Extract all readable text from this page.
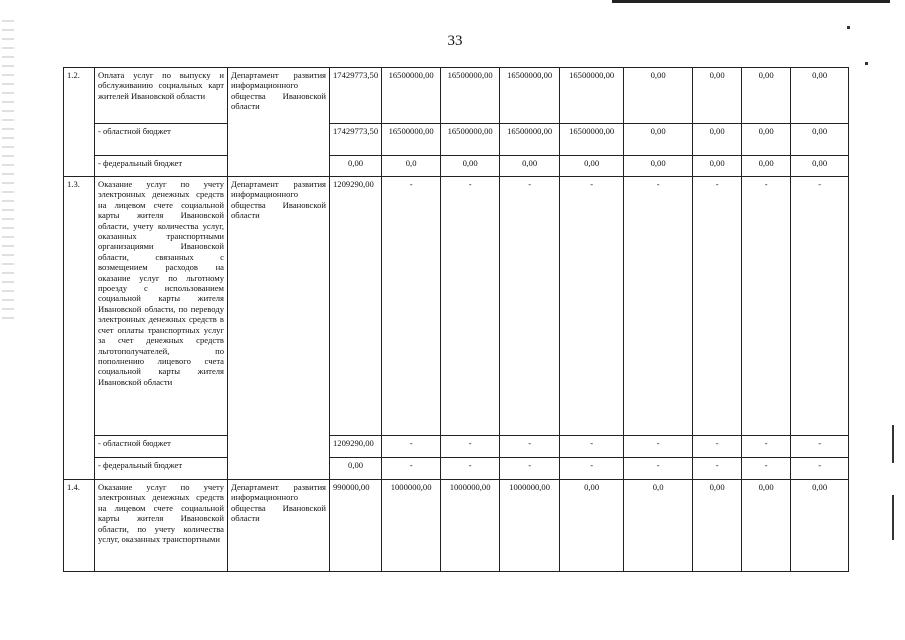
33
1.2.	Оплата услуг по выпуску и обслуживанию социальных карт жителей Ивановской области	Департамент развития информационного общества Ивановской области	17429773,50	16500000,00	16500000,00	16500000,00	16500000,00	0,00	0,00	0,00	0,00
	- областной бюджет		17429773,50	16500000,00	16500000,00	16500000,00	16500000,00	0,00	0,00	0,00	0,00
	- федеральный бюджет		0,00	0,0	0,00	0,00	0,00	0,00	0,00	0,00	0,00
1.3.	Оказание услуг по учету электронных денежных средств на лицевом счете социальной карты жителя Ивановской области, учету количества услуг, оказанных транспортными организациями Ивановской области, связанных с возмещением расходов на оказание услуг по льготному проезду с использованием социальной карты жителя Ивановской области, по переводу электронных денежных средств в счет оплаты транспортных услуг за счет денежных средств льготополучателей, по пополнению лицевого счета социальной карты жителя Ивановской области	Департамент развития информационного общества Ивановской области	1209290,00	-	-	-	-	-	-	-	-
	- областной бюджет		1209290,00	-	-	-	-	-	-	-	-
	- федеральный бюджет		0,00	-	-	-	-	-	-	-	-
1.4.	Оказание услуг по учету электронных денежных средств на лицевом счете социальной карты жителя Ивановской области, по учету количества услуг, оказанных транспортными	Департамент развития информационного общества Ивановской области	990000,00	1000000,00	1000000,00	1000000,00	0,00	0,0	0,00	0,00	0,00
